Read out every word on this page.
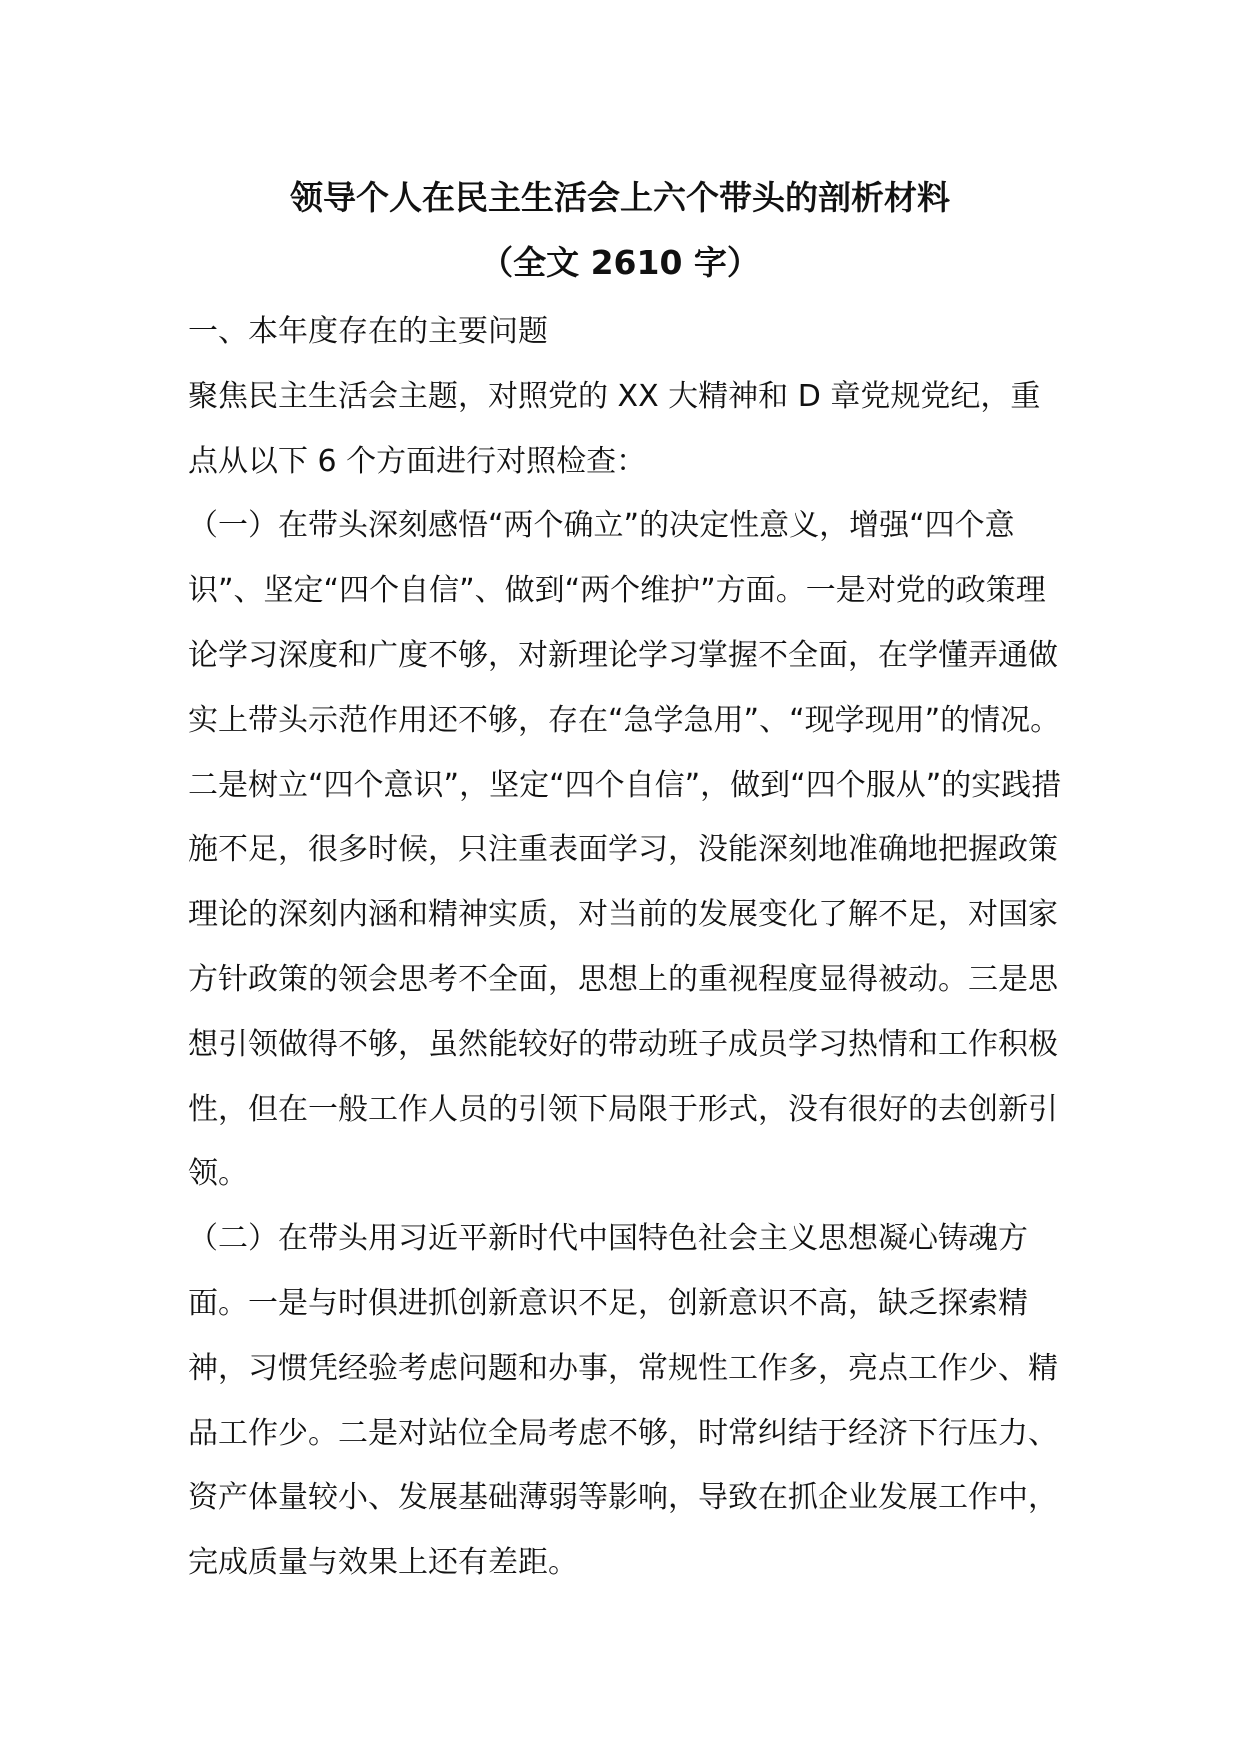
领导个人在民主生活会上六个带头的剖析材料
（全文 2610 字）

一、本年度存在的主要问题

聚焦民主生活会主题，对照党的 XX 大精神和 D 章党规党纪，重点从以下 6 个方面进行对照检查：

（一）在带头深刻感悟“两个确立”的决定性意义，增强“四个意识”、坚定“四个自信”、做到“两个维护”方面。一是对党的政策理论学习深度和广度不够，对新理论学习掌握不全面，在学懂弄通做实上带头示范作用还不够，存在“急学急用”、“现学现用”的情况。二是树立“四个意识”，坚定“四个自信”，做到“四个服从”的实践措施不足，很多时候，只注重表面学习，没能深刻地准确地把握政策理论的深刻内涵和精神实质，对当前的发展变化了解不足，对国家方针政策的领会思考不全面，思想上的重视程度显得被动。三是思想引领做得不够，虽然能较好的带动班子成员学习热情和工作积极性，但在一般工作人员的引领下局限于形式，没有很好的去创新引领。

（二）在带头用习近平新时代中国特色社会主义思想凝心铸魂方面。一是与时俱进抓创新意识不足，创新意识不高，缺乏探索精神，习惯凭经验考虑问题和办事，常规性工作多，亮点工作少、精品工作少。二是对站位全局考虑不够，时常纠结于经济下行压力、资产体量较小、发展基础薄弱等影响，导致在抓企业发展工作中，完成质量与效果上还有差距。
